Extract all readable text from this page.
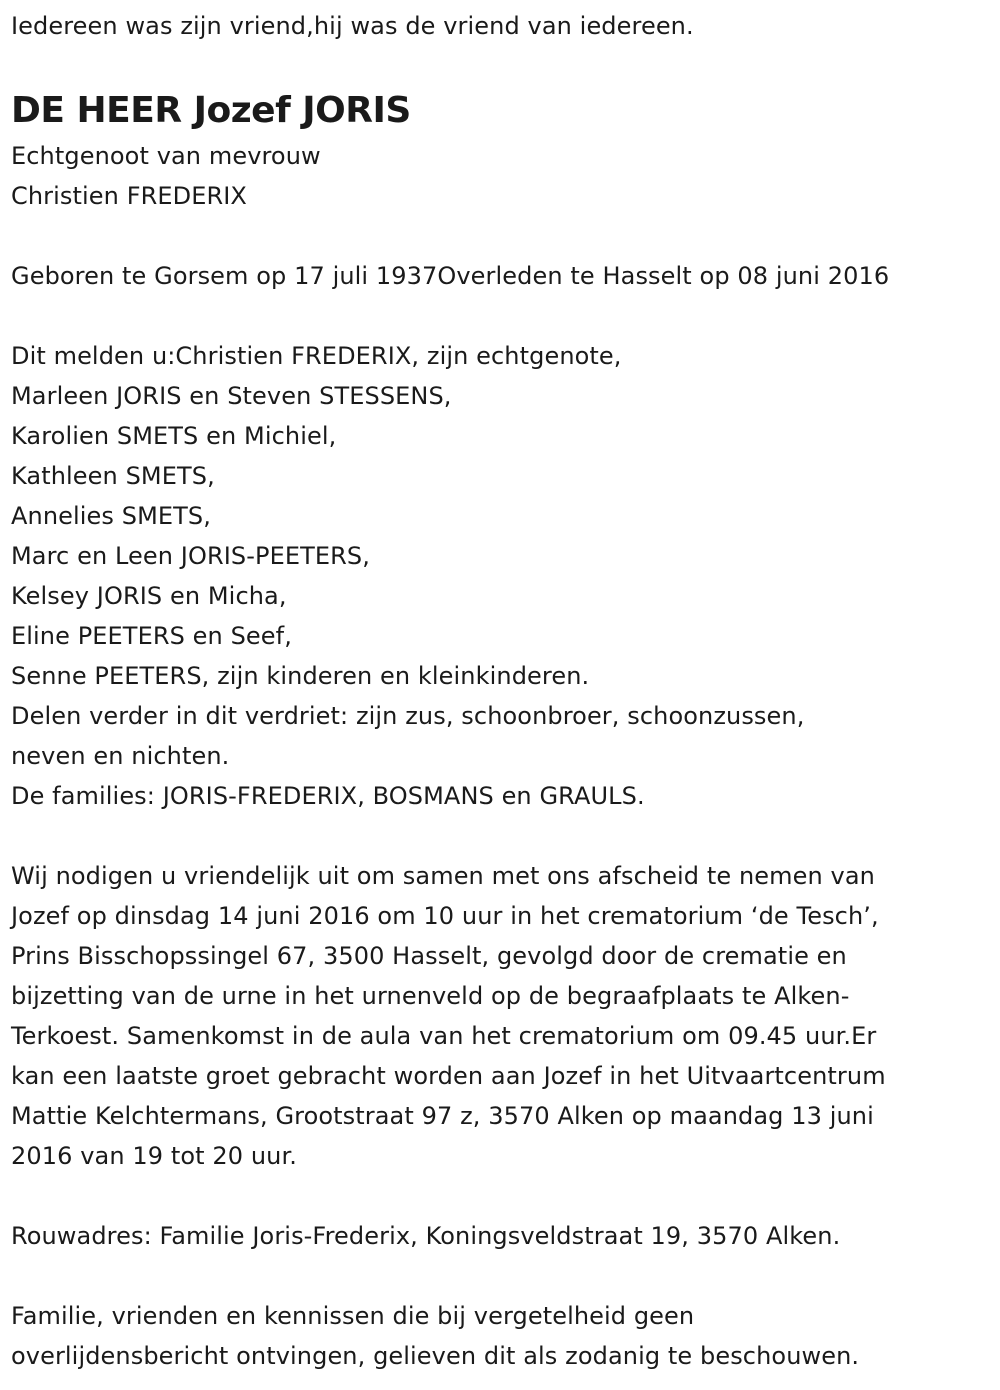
Iedereen was zijn vriend,hij was de vriend van iedereen.
DE HEER Jozef JORIS
Echtgenoot van mevrouw
Christien FREDERIX
Geboren te Gorsem op 17 juli 1937Overleden te Hasselt op 08 juni 2016
Dit melden u:Christien FREDERIX, zijn echtgenote,
Marleen JORIS en Steven STESSENS,
Karolien SMETS en Michiel,
Kathleen SMETS,
Annelies SMETS,
Marc en Leen JORIS-PEETERS,
Kelsey JORIS en Micha,
Eline PEETERS en Seef,
Senne PEETERS, zijn kinderen en kleinkinderen.
Delen verder in dit verdriet: zijn zus, schoonbroer, schoonzussen,
neven en nichten.
De families: JORIS-FREDERIX, BOSMANS en GRAULS.
Wij nodigen u vriendelijk uit om samen met ons afscheid te nemen van
Jozef op dinsdag 14 juni 2016 om 10 uur in het crematorium ‘de Tesch’,
Prins Bisschopssingel 67, 3500 Hasselt, gevolgd door de crematie en
bijzetting van de urne in het urnenveld op de begraafplaats te Alken-
Terkoest. Samenkomst in de aula van het crematorium om 09.45 uur.Er
kan een laatste groet gebracht worden aan Jozef in het Uitvaartcentrum
Mattie Kelchtermans, Grootstraat 97 z, 3570 Alken op maandag 13 juni
2016 van 19 tot 20 uur.
Rouwadres: Familie Joris-Frederix, Koningsveldstraat 19, 3570 Alken.
Familie, vrienden en kennissen die bij vergetelheid geen
overlijdensbericht ontvingen, gelieven dit als zodanig te beschouwen.
